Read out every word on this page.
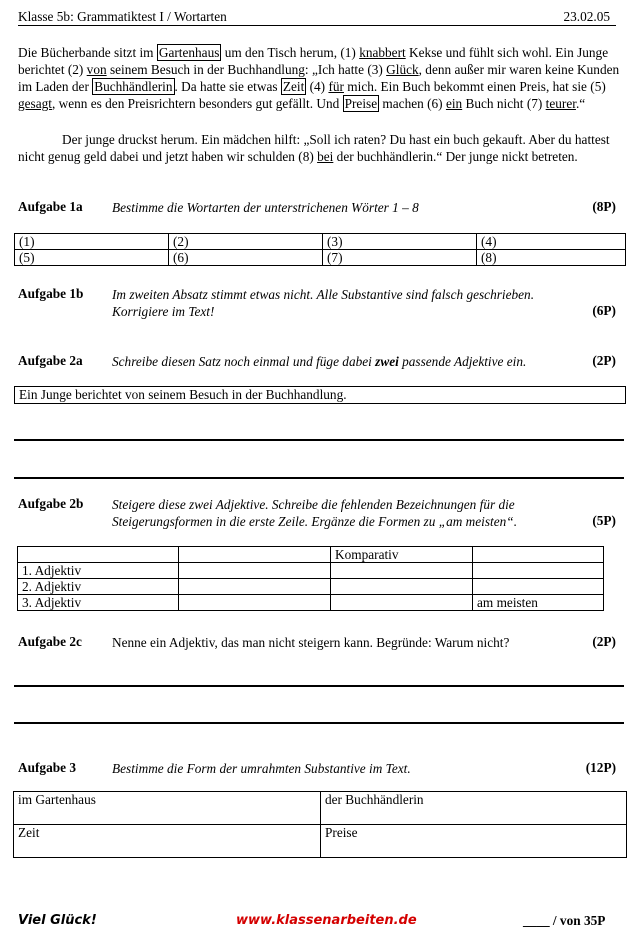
Klasse 5b: Grammatiktest I / Wortarten	23.02.05

Die Bücherbande sitzt im Gartenhaus um den Tisch herum, (1) knabbert Kekse und fühlt sich wohl. Ein Junge berichtet (2) von seinem Besuch in der Buchhandlung: „Ich hatte (3) Glück, denn außer mir waren keine Kunden im Laden der Buchhändlerin . Da hatte sie etwas Zeit (4) für mich. Ein Buch bekommt einen Preis, hat sie (5) gesagt, wenn es den Preisrichtern besonders gut gefällt. Und Preise machen (6) ein Buch nicht (7) teurer.“

Der junge druckst herum. Ein mädchen hilft: „Soll ich raten? Du hast ein buch gekauft. Aber du hattest nicht genug geld dabei und jetzt haben wir schulden (8) bei der buchhändlerin.“ Der junge nickt betreten.

Aufgabe 1a Bestimme die Wortarten der unterstrichenen Wörter 1 – 8	(8P)
(1)	(2)	(3)	(4)
(5)	(6)	(7)	(8)
Aufgabe 1b Im zweiten Absatz stimmt etwas nicht. Alle Substantive sind falsch geschrieben.
Korrigiere im Text!	(6P)
Aufgabe 2a Schreibe diesen Satz noch einmal und füge dabei zwei passende Adjektive ein.	(2P)
Ein Junge berichtet von seinem Besuch in der Buchhandlung.
Aufgabe 2b Steigere diese zwei Adjektive. Schreibe die fehlenden Bezeichnungen für die
Steigerungsformen in die erste Zeile. Ergänze die Formen zu „am meisten“.	(5P)
		Komparativ	
1. Adjektiv			
2. Adjektiv			
3. Adjektiv			am meisten
Aufgabe 2c Nenne ein Adjektiv, das man nicht steigern kann. Begründe: Warum nicht?	(2P)
Aufgabe 3	Bestimme die Form der umrahmten Substantive im Text.	(12P)
im Gartenhaus	der Buchhändlerin
Zeit	Preise
Viel Glück!	www.klassenarbeiten.de	____ / von 35P
